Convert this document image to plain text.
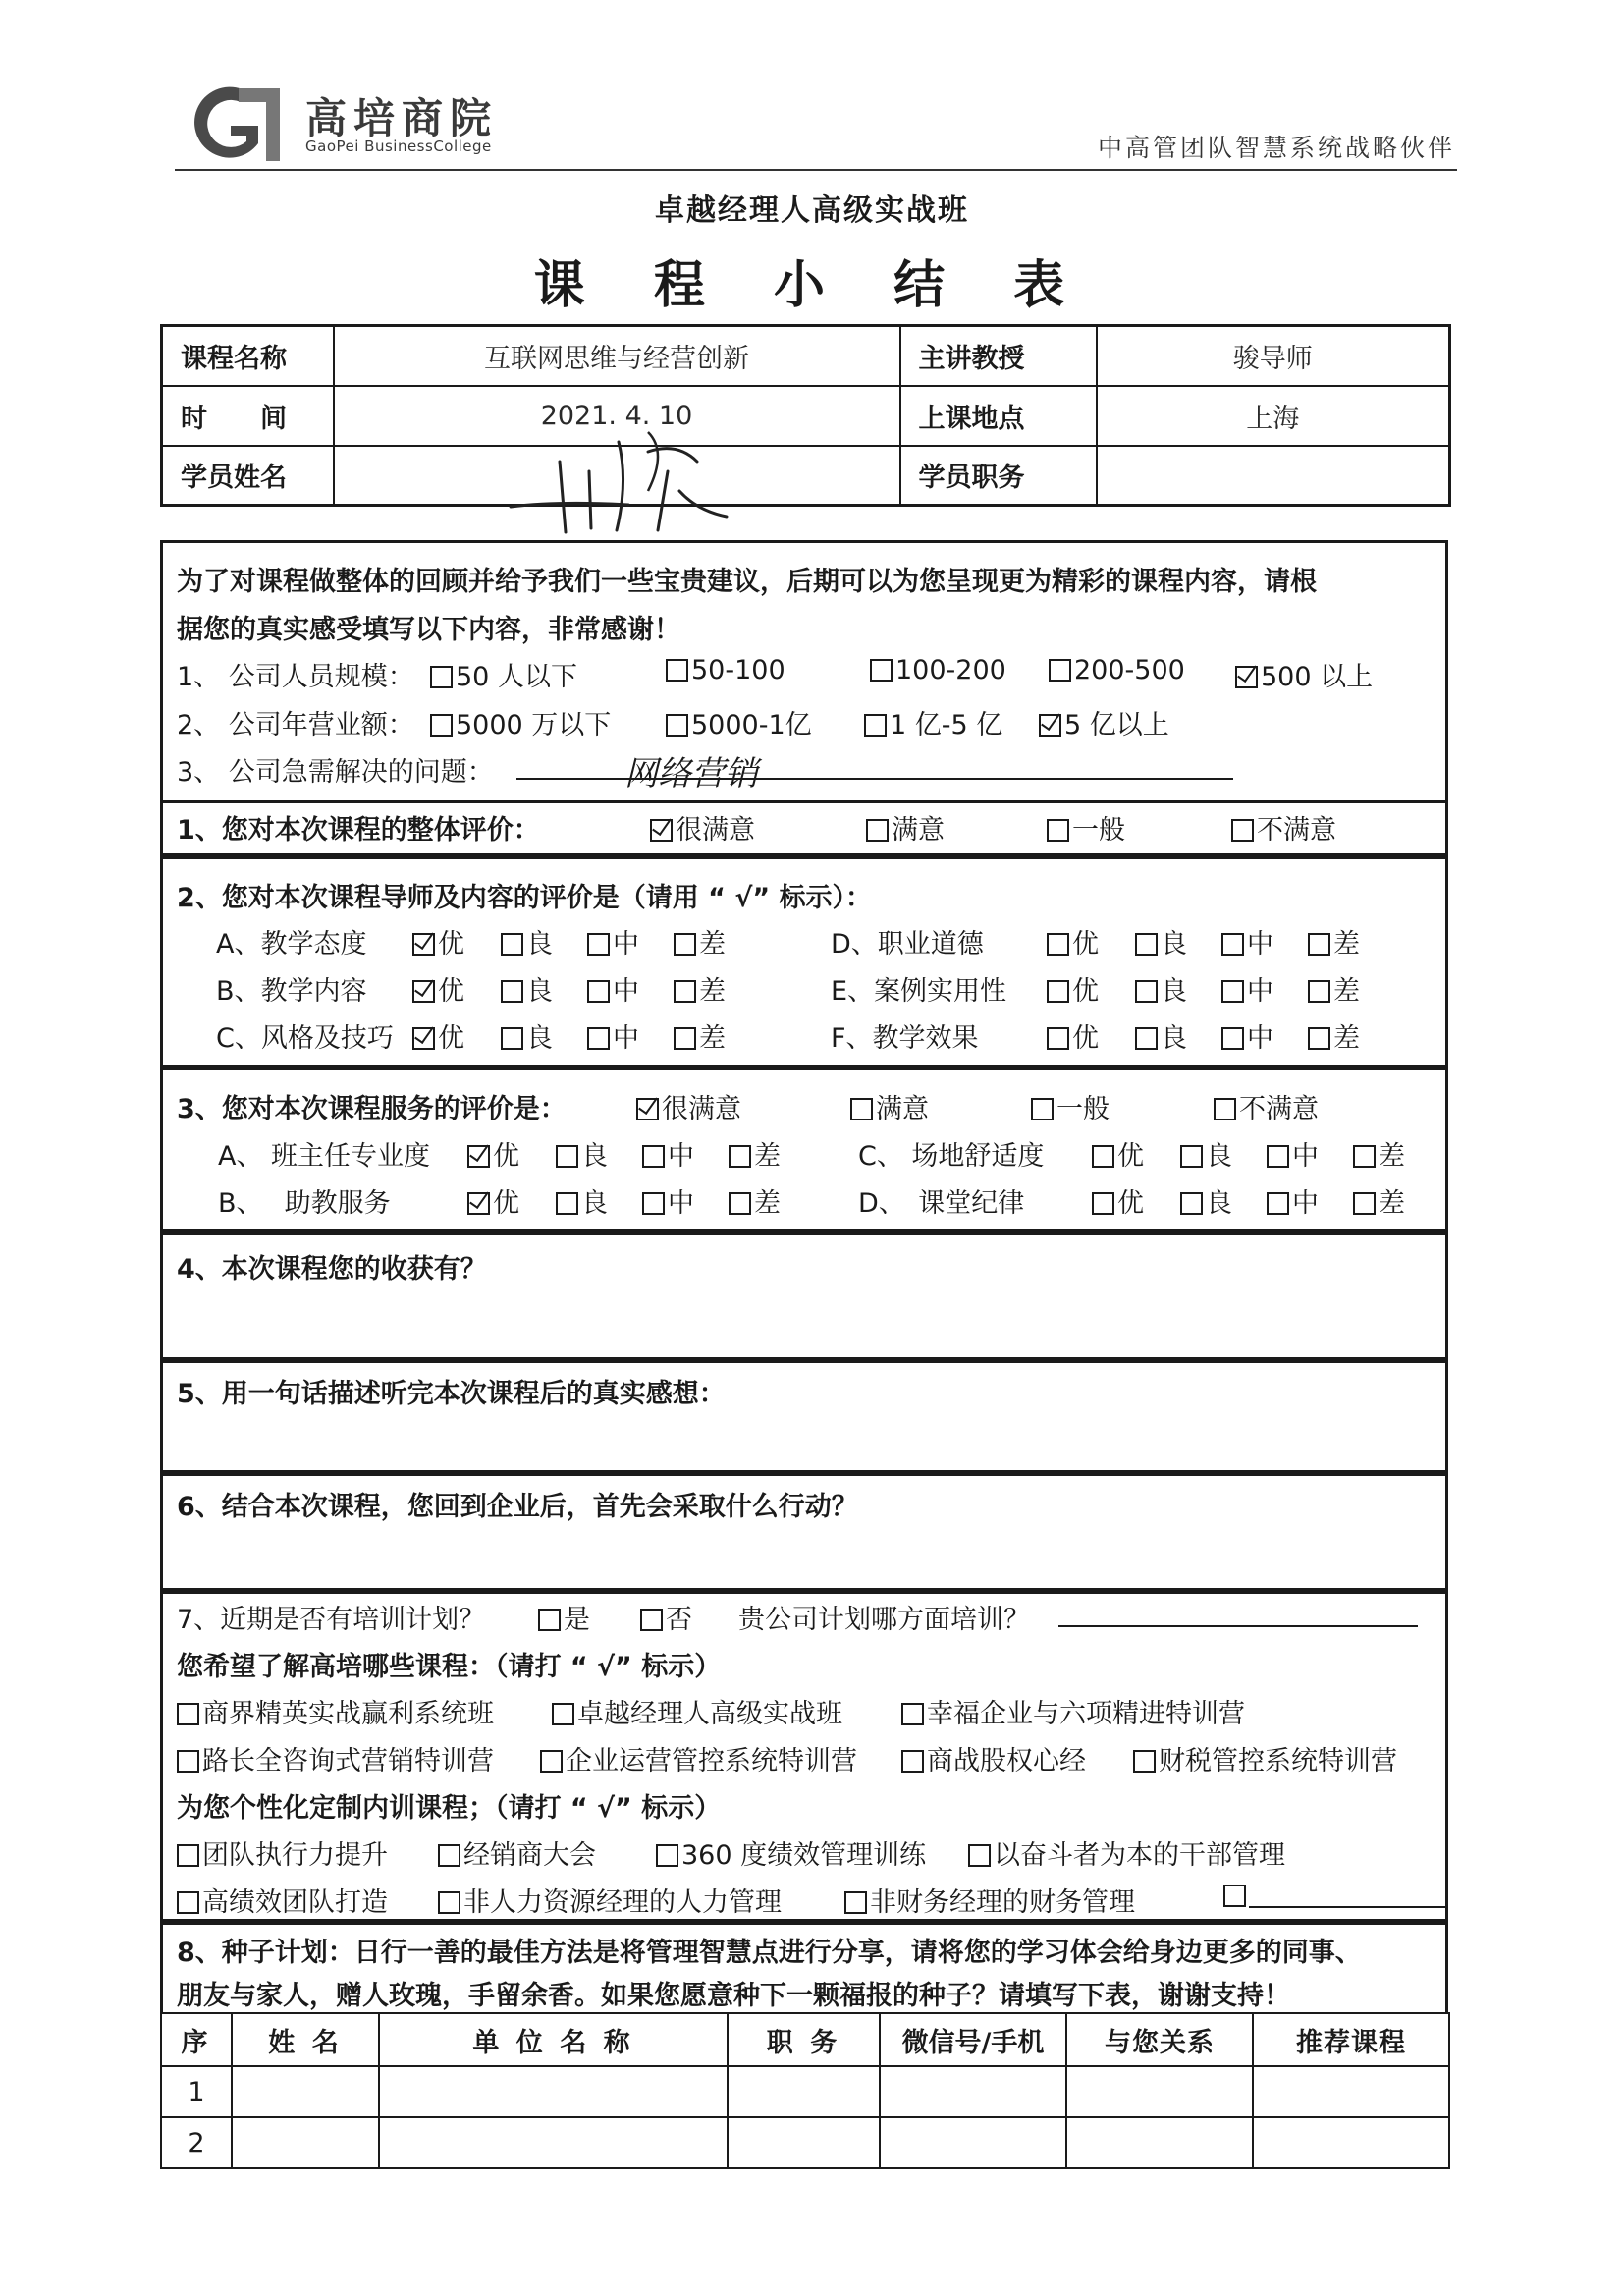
高培商院
GaoPei BusinessCollege	中高管团队智慧系统战略伙伴
卓越经理人高级实战班
课 程 小 结 表
课程名称	互联网思维与经营创新	主讲教授	骏导师
时　　间	2021. 4. 10	上课地点	上海
学员姓名		学员职务	
为了对课程做整体的回顾并给予我们一些宝贵建议，后期可以为您呈现更为精彩的课程内容，请根
据您的真实感受填写以下内容，非常感谢！
1、 公司人员规模：	50 人以下	50-100	100-200	200-500	500 以上
2、 公司年营业额：	5000 万以下	5000-1亿	1 亿-5 亿	5 亿以上
3、 公司急需解决的问题：	网络营销
1、您对本次课程的整体评价：	很满意	满意	一般	不满意
2、您对本次课程导师及内容的评价是（请用 “ √” 标示）：
A、教学态度	优	良	中	差
B、教学内容	优	良	中	差
C、风格及技巧	优	良	中	差
D、职业道德	优	良	中	差
E、案例实用性	优	良	中	差
F、教学效果	优	良	中	差
3、您对本次课程服务的评价是：	很满意	满意	一般	不满意
A、 班主任专业度	优	良	中	差
B、　 助教服务	优	良	中	差
C、 场地舒适度	优	良	中	差
D、　课堂纪律	优	良	中	差
4、本次课程您的收获有？
5、用一句话描述听完本次课程后的真实感想：
6、结合本次课程，您回到企业后，首先会采取什么行动？
7、近期是否有培训计划？	是	否 贵公司计划哪方面培训？
您希望了解高培哪些课程：（请打 “ √” 标示）
商界精英实战赢利系统班	卓越经理人高级实战班	幸福企业与六项精进特训营
路长全咨询式营销特训营	企业运营管控系统特训营	商战股权心经	财税管控系统特训营
为您个性化定制内训课程；（请打 “ √” 标示）
团队执行力提升	经销商大会	360 度绩效管理训练	以奋斗者为本的干部管理
高绩效团队打造	非人力资源经理的人力管理	非财务经理的财务管理
8、种子计划：日行一善的最佳方法是将管理智慧点进行分享，请将您的学习体会给身边更多的同事、
朋友与家人，赠人玫瑰，手留余香。如果您愿意种下一颗福报的种子？请填写下表，谢谢支持！
序	姓 名	单 位 名 称	职 务	微信号/手机	与您关系	推荐课程
1						
2						
